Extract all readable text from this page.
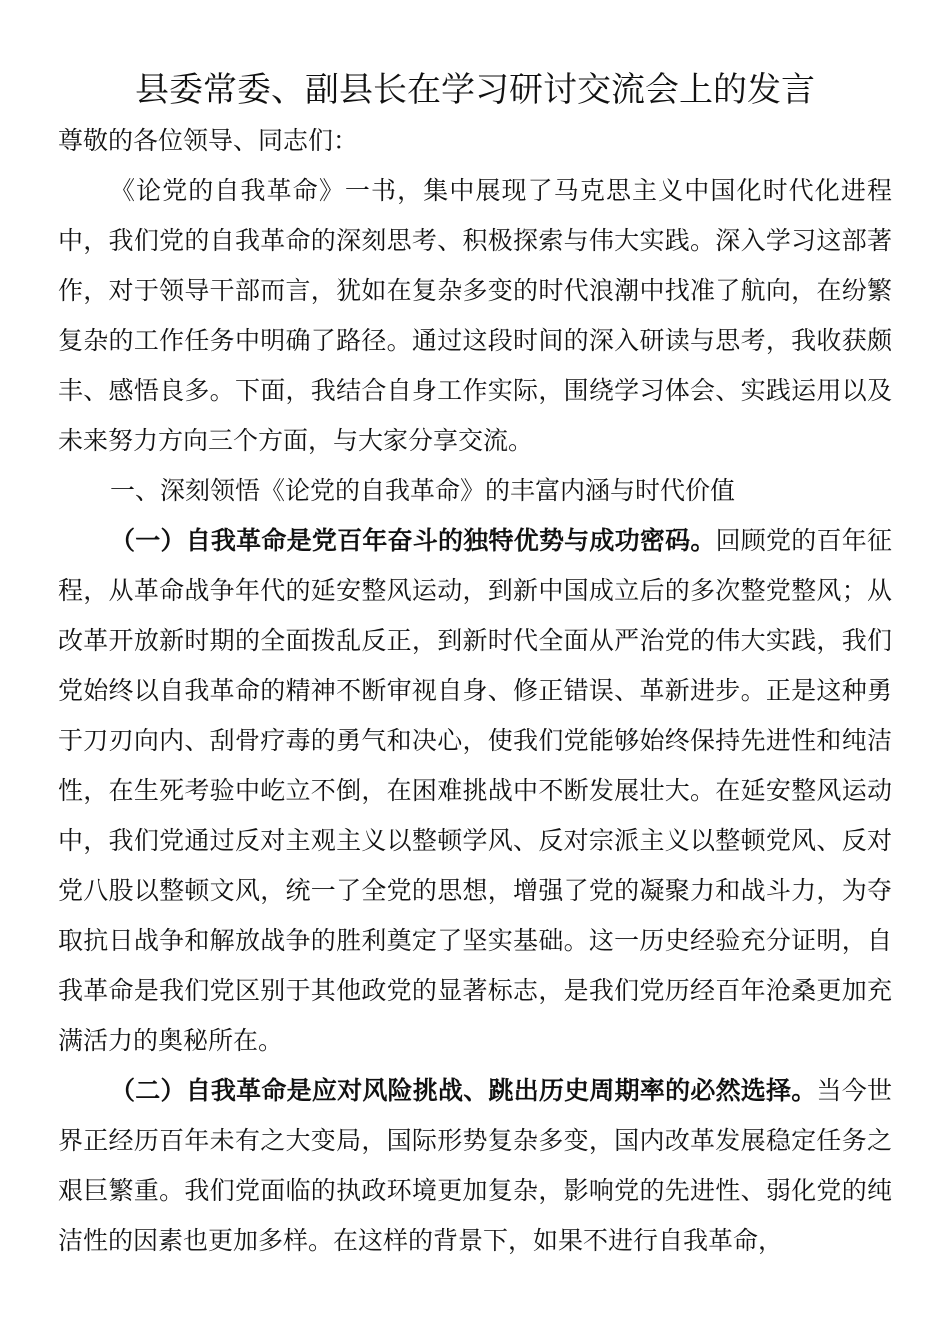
县委常委、副县长在学习研讨交流会上的发言

尊敬的各位领导、同志们：

《论党的自我革命》一书，集中展现了马克思主义中国化时代化进程中，我们党的自我革命的深刻思考、积极探索与伟大实践。深入学习这部著作，对于领导干部而言，犹如在复杂多变的时代浪潮中找准了航向，在纷繁复杂的工作任务中明确了路径。通过这段时间的深入研读与思考，我收获颇丰、感悟良多。下面，我结合自身工作实际，围绕学习体会、实践运用以及未来努力方向三个方面，与大家分享交流。

一、深刻领悟《论党的自我革命》的丰富内涵与时代价值

（一）自我革命是党百年奋斗的独特优势与成功密码。回顾党的百年征程，从革命战争年代的延安整风运动，到新中国成立后的多次整党整风；从改革开放新时期的全面拨乱反正，到新时代全面从严治党的伟大实践，我们党始终以自我革命的精神不断审视自身、修正错误、革新进步。正是这种勇于刀刃向内、刮骨疗毒的勇气和决心，使我们党能够始终保持先进性和纯洁性，在生死考验中屹立不倒，在困难挑战中不断发展壮大。在延安整风运动中，我们党通过反对主观主义以整顿学风、反对宗派主义以整顿党风、反对党八股以整顿文风，统一了全党的思想，增强了党的凝聚力和战斗力，为夺取抗日战争和解放战争的胜利奠定了坚实基础。这一历史经验充分证明，自我革命是我们党区别于其他政党的显著标志，是我们党历经百年沧桑更加充满活力的奥秘所在。

（二）自我革命是应对风险挑战、跳出历史周期率的必然选择。当今世界正经历百年未有之大变局，国际形势复杂多变，国内改革发展稳定任务之艰巨繁重。我们党面临的执政环境更加复杂，影响党的先进性、弱化党的纯洁性的因素也更加多样。在这样的背景下，如果不进行自我革命，
